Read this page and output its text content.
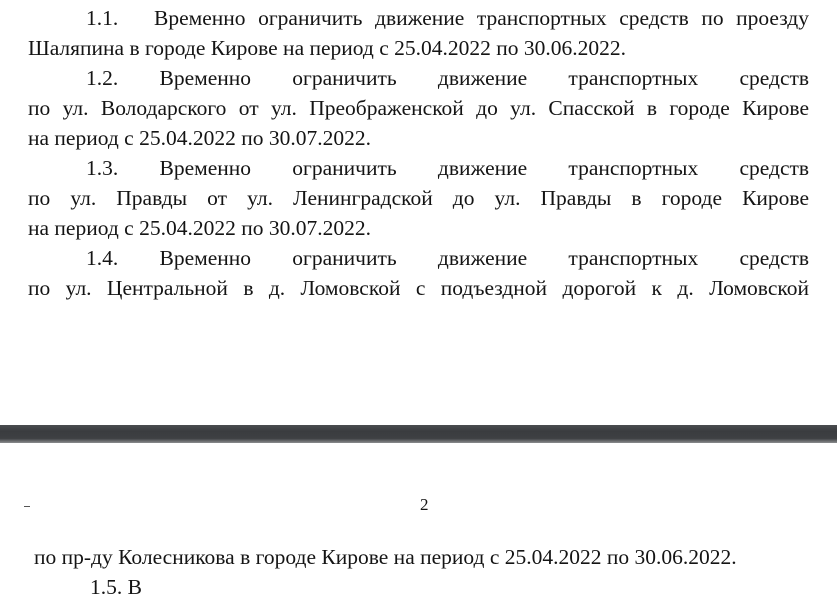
1.1. Временно ограничить движение транспортных средств по проезду
Шаляпина в городе Кирове на период с 25.04.2022 по 30.06.2022.
1.2. Временно ограничить движение транспортных средств
по ул. Володарского от ул. Преображенской до ул. Спасской в городе Кирове
на период с 25.04.2022 по 30.07.2022.
1.3. Временно ограничить движение транспортных средств
по ул. Правды от ул. Ленинградской до ул. Правды в городе Кирове
на период с 25.04.2022 по 30.07.2022.
1.4. Временно ограничить движение транспортных средств
по ул. Центральной в д. Ломовской с подъездной дорогой к д. Ломовской
2
по пр-ду Колесникова в городе Кирове на период с 25.04.2022 по 30.06.2022.
1.5. В
